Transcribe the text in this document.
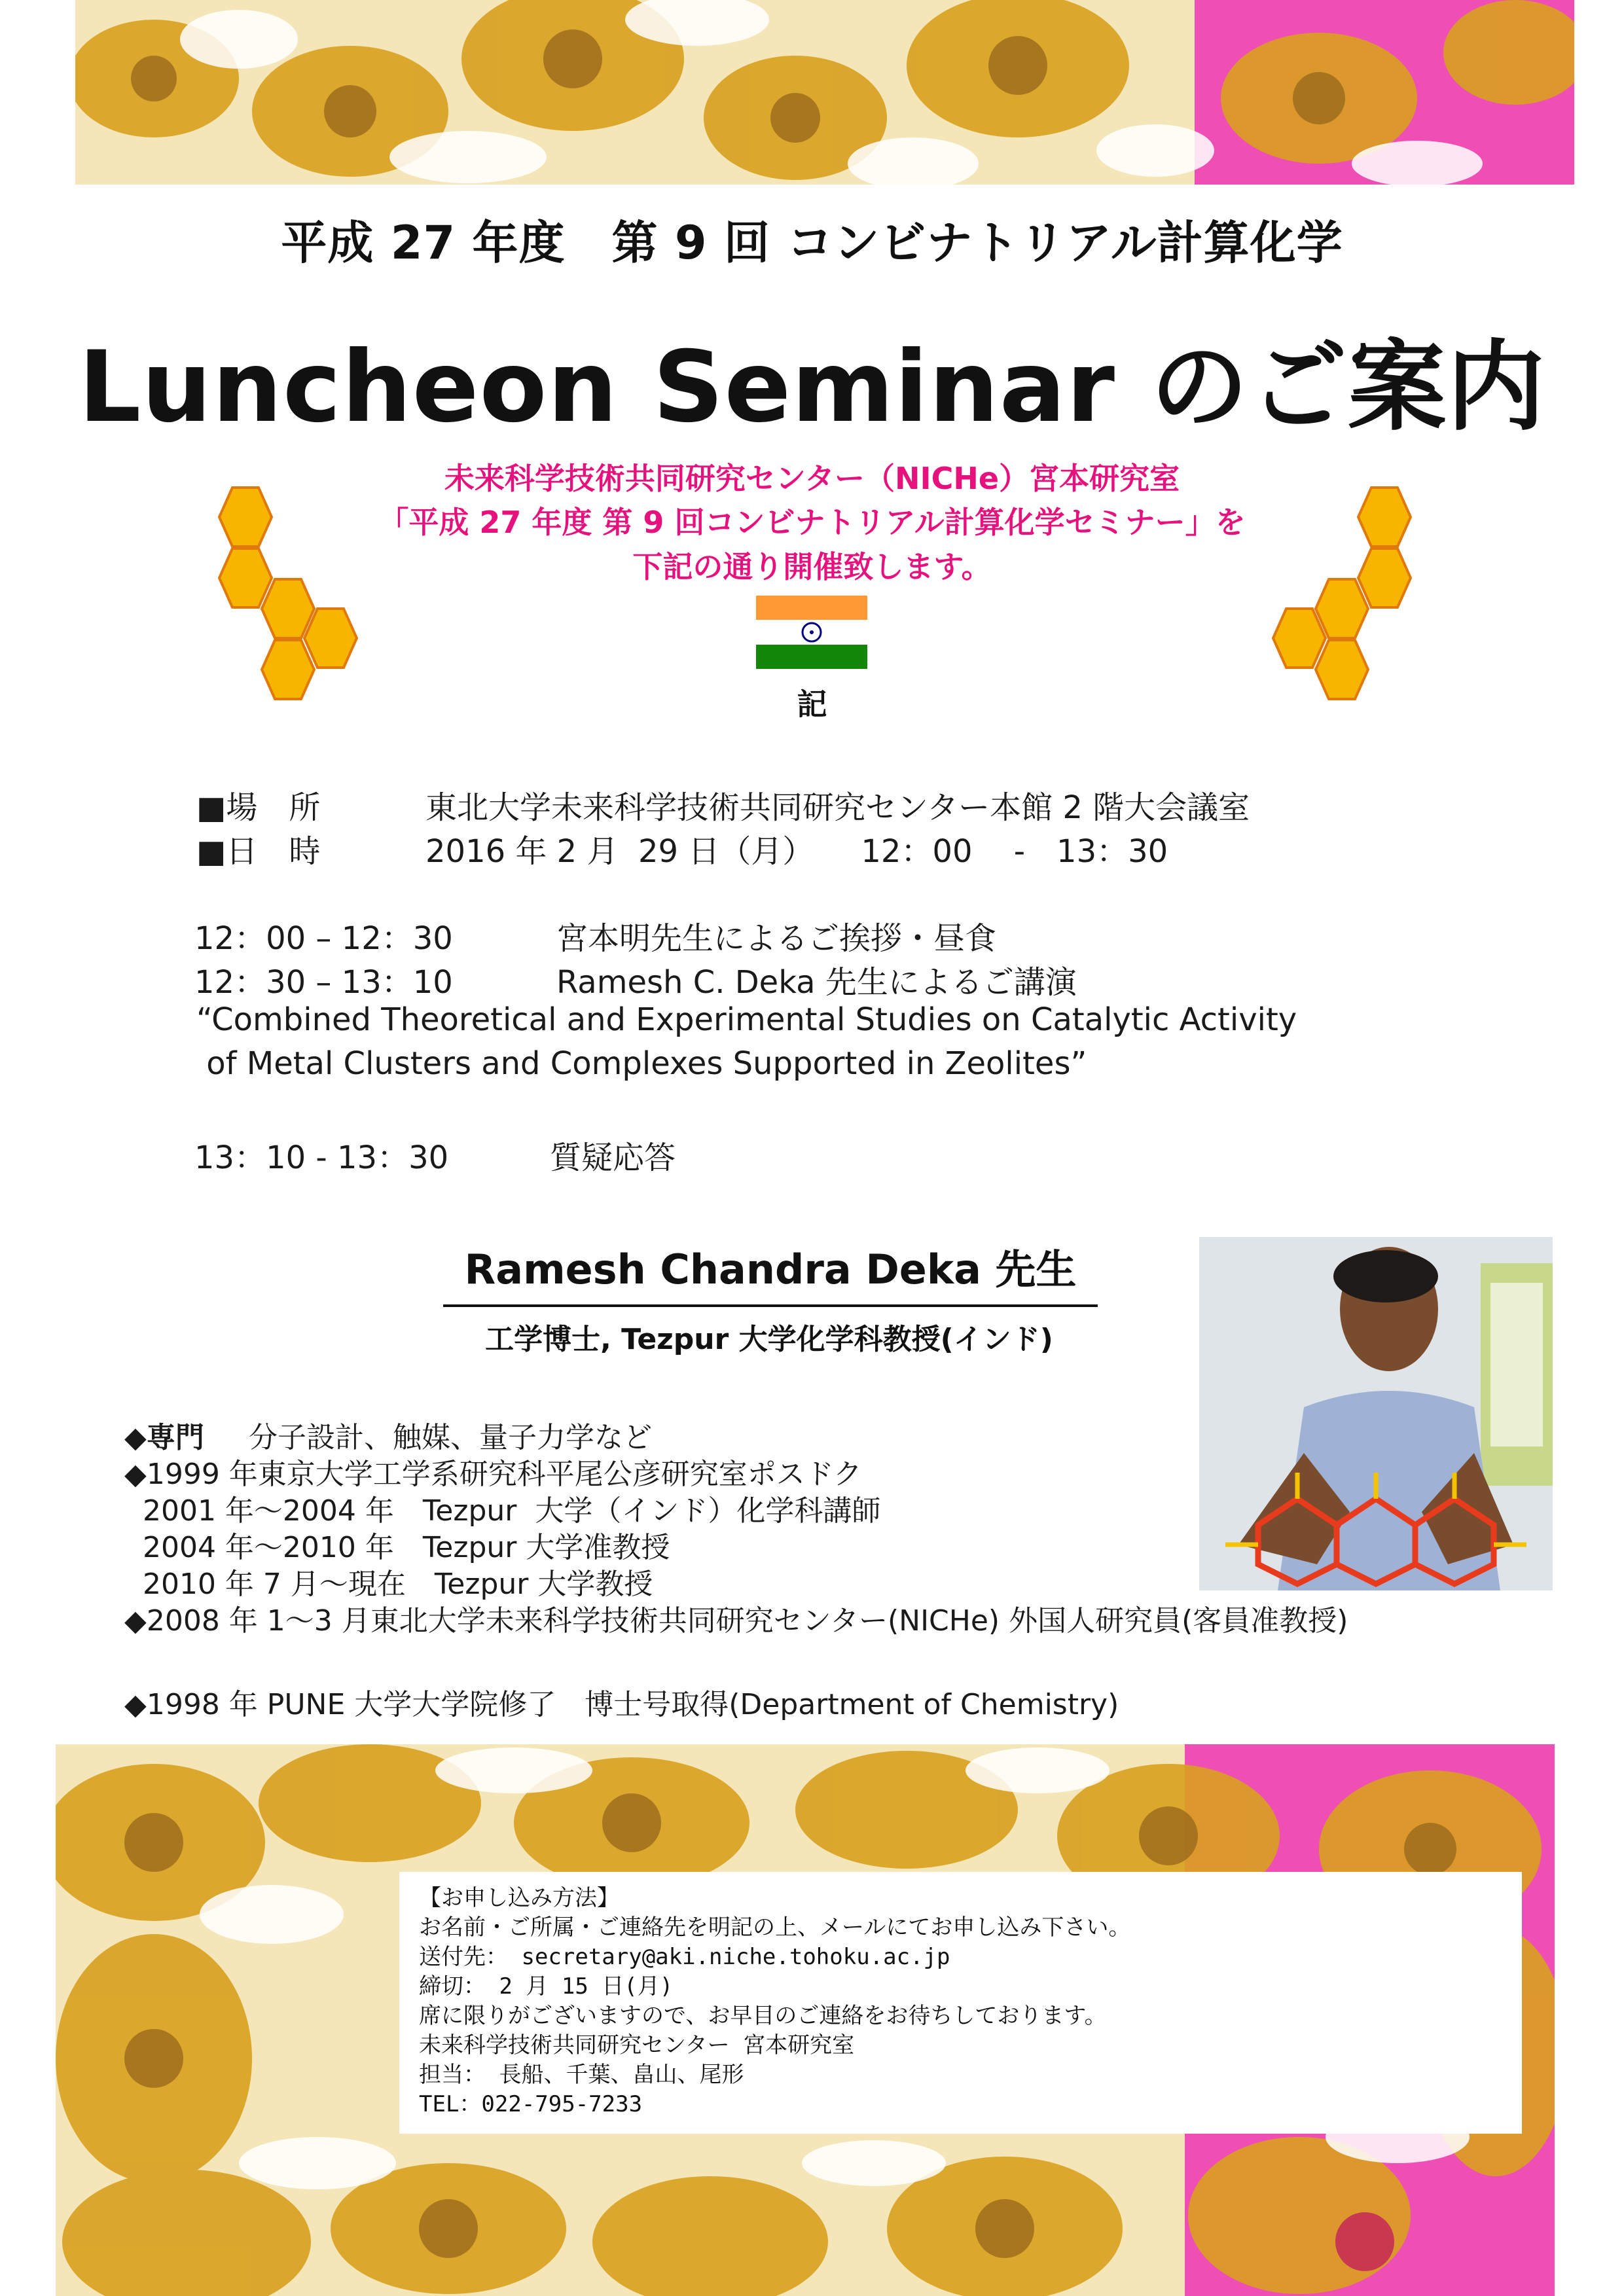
平成 27 年度　第 9 回 コンビナトリアル計算化学
Luncheon Seminar のご案内
未来科学技術共同研究センター（NICHe）宮本研究室
「平成 27 年度 第 9 回コンビナトリアル計算化学セミナー」を
下記の通り開催致します。
記
■場　所	東北大学未来科学技術共同研究センター本館 2 階大会議室
■日　時	2016 年 2 月  29 日（月）　　12：00　 -　13：30
12：00 – 12：30	宮本明先生によるご挨拶・昼食
12：30 – 13：10	Ramesh C. Deka 先生によるご講演
“Combined Theoretical and Experimental Studies on Catalytic Activity
of Metal Clusters and Complexes Supported in Zeolites”
13：10 - 13：30	質疑応答
Ramesh Chandra Deka 先生
工学博士, Tezpur 大学化学科教授(インド)
◆専門 分子設計、触媒、量子力学など
◆1999 年東京大学工学系研究科平尾公彦研究室ポスドク
2001 年～2004 年　Tezpur  大学（インド）化学科講師
2004 年～2010 年　Tezpur 大学准教授
2010 年 7 月～現在　Tezpur 大学教授
◆2008 年 1～3 月東北大学未来科学技術共同研究センター(NICHe) 外国人研究員(客員准教授)
◆1998 年 PUNE 大学大学院修了　博士号取得(Department of Chemistry)
【お申し込み方法】
お名前・ご所属・ご連絡先を明記の上、メールにてお申し込み下さい。
送付先： secretary@aki.niche.tohoku.ac.jp
締切： 2 月 15 日(月)
席に限りがございますので、お早目のご連絡をお待ちしております。
未来科学技術共同研究センター 宮本研究室
担当： 長船、千葉、畠山、尾形
TEL：022-795-7233
